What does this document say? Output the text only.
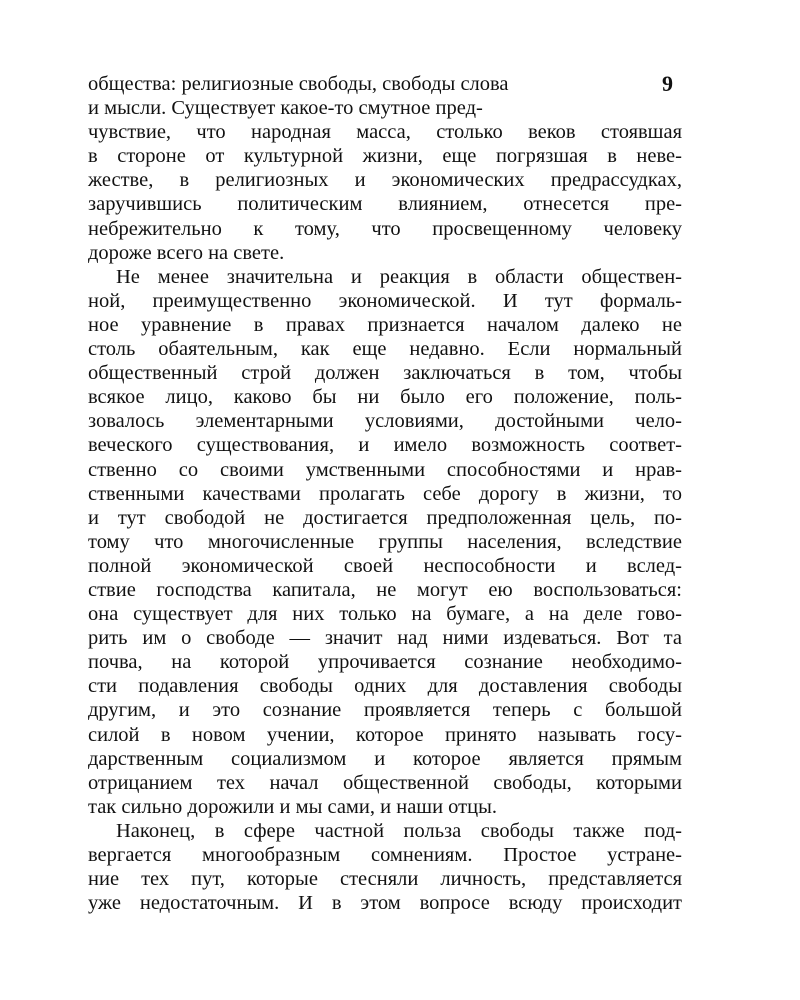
9
общества: религиозные свободы, свободы слова
и мысли. Существует какое-то смутное пред-
чувствие, что народная масса, столько веков стоявшая
в стороне от культурной жизни, еще погрязшая в неве-
жестве, в религиозных и экономических предрассудках,
заручившись политическим влиянием, отнесется пре-
небрежительно к тому, что просвещенному человеку
дороже всего на свете.
Не менее значительна и реакция в области обществен-
ной, преимущественно экономической. И тут формаль-
ное уравнение в правах признается началом далеко не
столь обаятельным, как еще недавно. Если нормальный
общественный строй должен заключаться в том, чтобы
всякое лицо, каково бы ни было его положение, поль-
зовалось элементарными условиями, достойными чело-
веческого существования, и имело возможность соответ-
ственно со своими умственными способностями и нрав-
ственными качествами пролагать себе дорогу в жизни, то
и тут свободой не достигается предположенная цель, по-
тому что многочисленные группы населения, вследствие
полной экономической своей неспособности и вслед-
ствие господства капитала, не могут ею воспользоваться:
она существует для них только на бумаге, а на деле гово-
рить им о свободе — значит над ними издеваться. Вот та
почва, на которой упрочивается сознание необходимо-
сти подавления свободы одних для доставления свободы
другим, и это сознание проявляется теперь с большой
силой в новом учении, которое принято называть госу-
дарственным социализмом и которое является прямым
отрицанием тех начал общественной свободы, которыми
так сильно дорожили и мы сами, и наши отцы.
Наконец, в сфере частной польза свободы также под-
вергается многообразным сомнениям. Простое устране-
ние тех пут, которые стесняли личность, представляется
уже недостаточным. И в этом вопросе всюду происходит
